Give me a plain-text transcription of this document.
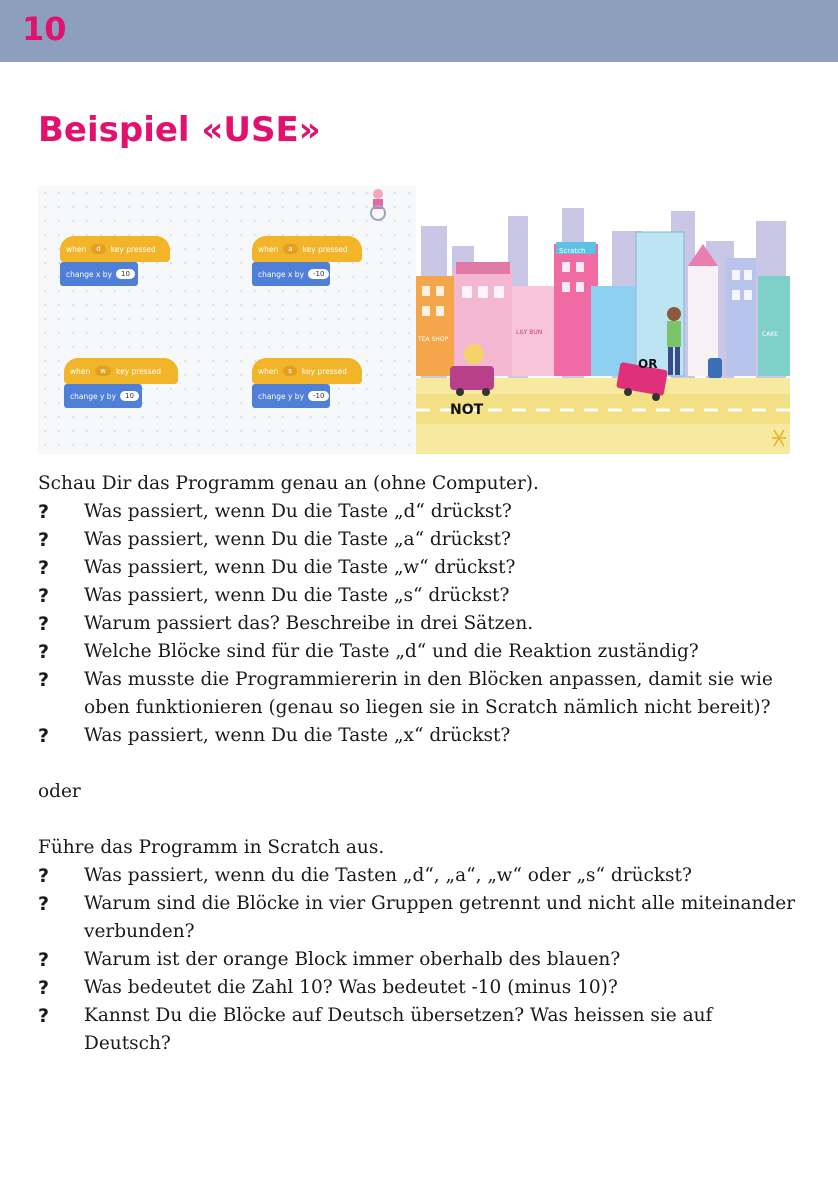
10
Beispiel «USE»
when	d	key pressed
change x by	10
when	a	key pressed
change x by	-10
when	w	key pressed
change y by	10
when	s	key pressed
change y by	-10
TEA SHOP
Scratch
LILY BUN	CAKE
NOT
OR

Schau Dir das Programm genau an (ohne Computer).

?	Was passiert, wenn Du die Taste „d“ drückst?
?	Was passiert, wenn Du die Taste „a“ drückst?
?	Was passiert, wenn Du die Taste „w“ drückst?
?	Was passiert, wenn Du die Taste „s“ drückst?
?	Warum passiert das? Beschreibe in drei Sätzen.
?	Welche Blöcke sind für die Taste „d“ und die Reaktion zuständig?
?	Was musste die Programmiererin in den Blöcken anpassen, damit sie wie oben funktionieren (genau so liegen sie in Scratch nämlich nicht bereit)?
?	Was passiert, wenn Du die Taste „x“ drückst?

oder

Führe das Programm in Scratch aus.

?	Was passiert, wenn du die Tasten „d“, „a“, „w“ oder „s“ drückst?
?	Warum sind die Blöcke in vier Gruppen getrennt und nicht alle miteinander verbunden?
?	Warum ist der orange Block immer oberhalb des blauen?
?	Was bedeutet die Zahl 10? Was bedeutet -10 (minus 10)?
?	Kannst Du die Blöcke auf Deutsch übersetzen? Was heissen sie auf Deutsch?
